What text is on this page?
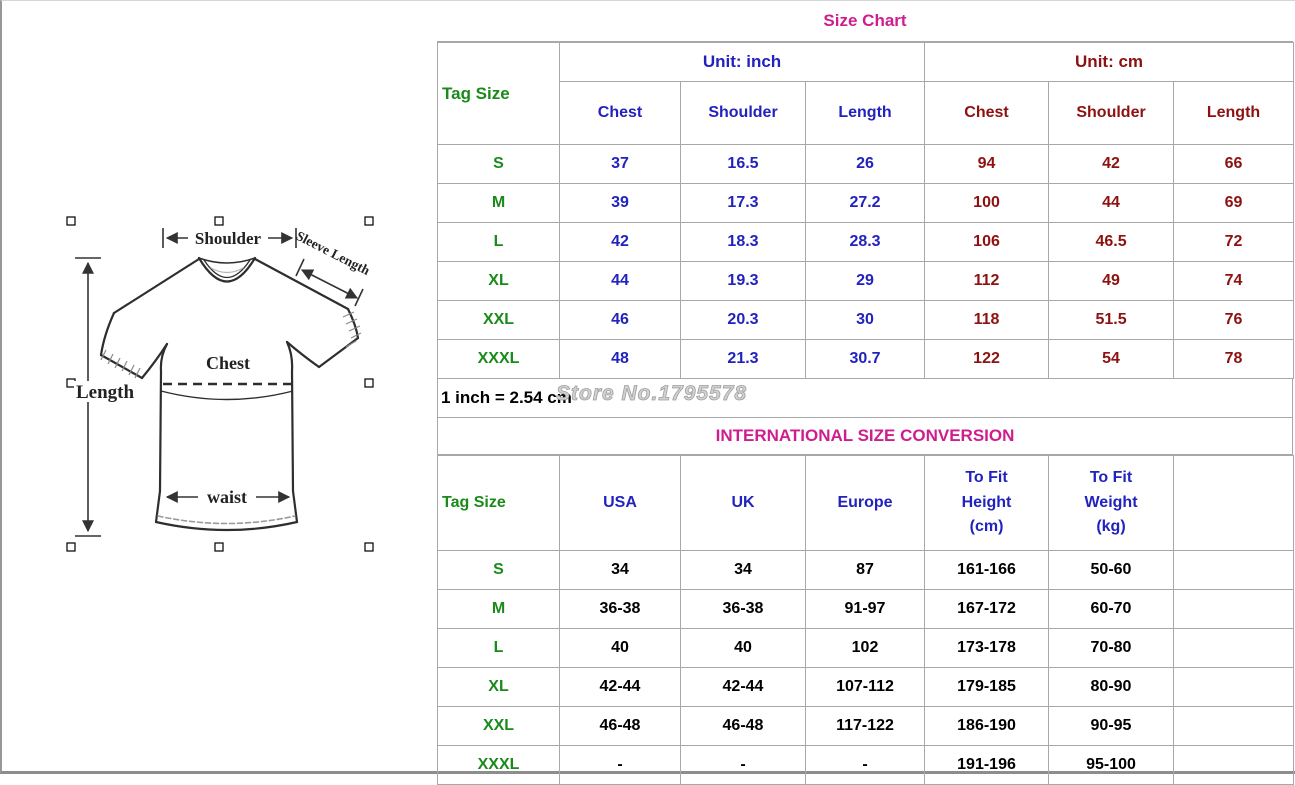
Shoulder Sleeve Length
Length
Chest
waist
Size Chart
Tag Size	Unit: inch			Unit: cm		
	Chest	Shoulder	Length	Chest	Shoulder	Length
S	37	16.5	26	94	42	66
M	39	17.3	27.2	100	44	69
L	42	18.3	28.3	106	46.5	72
XL	44	19.3	29	112	49	74
XXL	46	20.3	30	118	51.5	76
XXXL	48	21.3	30.7	122	54	78
1 inch = 2.54 cm
Store No.1795578
INTERNATIONAL SIZE CONVERSION
Tag Size	USA	UK	Europe	To Fit Height (cm)	To Fit Weight (kg)	
S	34	34	87	161-166	50-60	
M	36-38	36-38	91-97	167-172	60-70	
L	40	40	102	173-178	70-80	
XL	42-44	42-44	107-112	179-185	80-90	
XXL	46-48	46-48	117-122	186-190	90-95	
XXXL	-	-	-	191-196	95-100	
